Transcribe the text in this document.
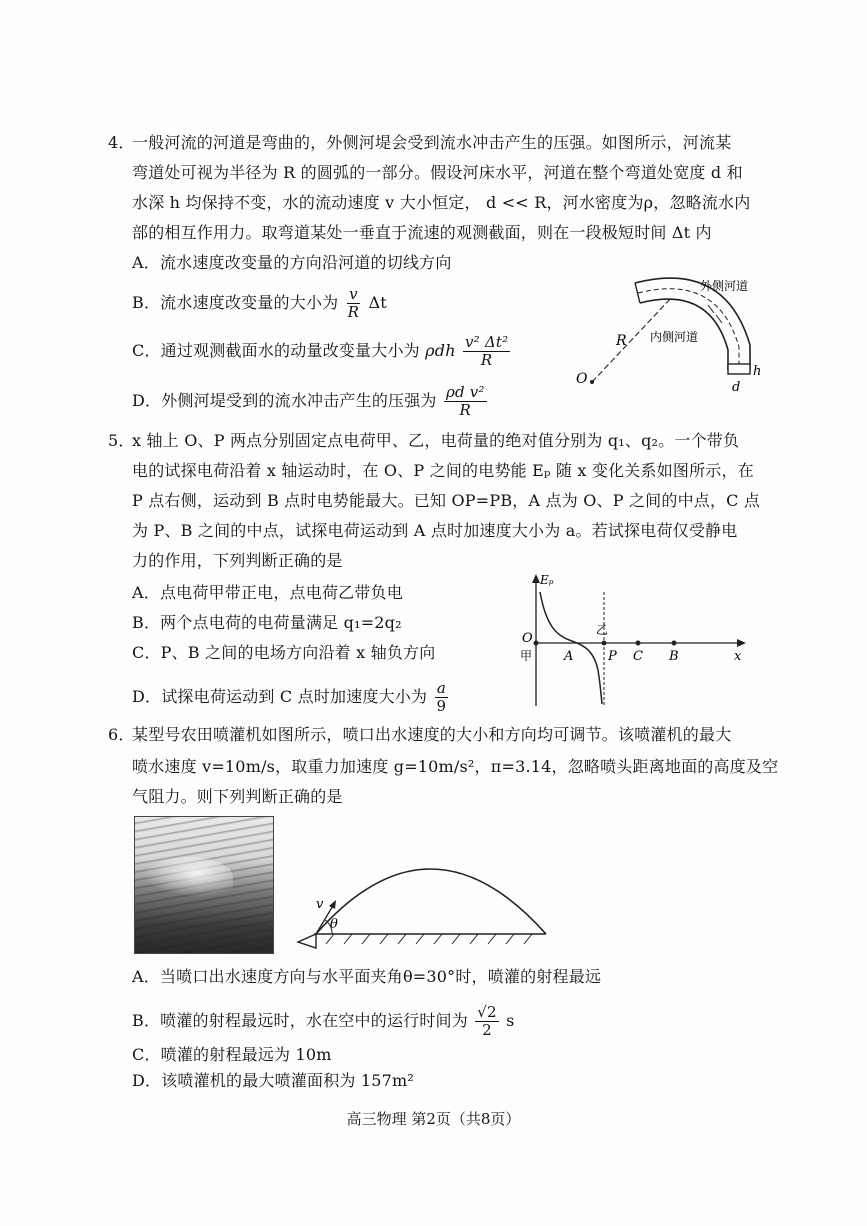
4．
一般河流的河道是弯曲的，外侧河堤会受到流水冲击产生的压强。如图所示，河流某
弯道处可视为半径为 R 的圆弧的一部分。假设河床水平，河道在整个弯道处宽度 d 和
水深 h 均保持不变，水的流动速度 v 大小恒定， d << R，河水密度为ρ，忽略流水内
部的相互作用力。取弯道某处一垂直于流速的观测截面，则在一段极短时间 Δt 内
A．流水速度改变量的方向沿河道的切线方向
B．流水速度改变量的大小为 $\frac{v}{R}$ Δt
C．通过观测截面水的动量改变量大小为 ρdh $\frac{\text{v² Δt²}}{R}$
D．外侧河堤受到的流水冲击产生的压强为 $\frac{\text{ρd v²}}{R}$
O
R
外侧河道
内侧河道
h
d
5．
x 轴上 O、P 两点分别固定点电荷甲、乙，电荷量的绝对值分别为 q₁、q₂。一个带负
电的试探电荷沿着 x 轴运动时，在 O、P 之间的电势能 Eₚ 随 x 变化关系如图所示，在
P 点右侧，运动到 B 点时电势能最大。已知 OP=PB，A 点为 O、P 之间的中点，C 点
为 P、B 之间的中点，试探电荷运动到 A 点时加速度大小为 a。若试探电荷仅受静电
力的作用，下列判断正确的是
A．点电荷甲带正电，点电荷乙带负电
B．两个点电荷的电荷量满足 q₁=2q₂
C．P、B 之间的电场方向沿着 x 轴负方向
D．试探电荷运动到 C 点时加速度大小为 $\frac{a}{9}$
Eₚ
x
O
甲
乙
A	P C B
6．
某型号农田喷灌机如图所示，喷口出水速度的大小和方向均可调节。该喷灌机的最大
喷水速度 v=10m/s，取重力加速度 g=10m/s²，π=3.14，忽略喷头距离地面的高度及空
气阻力。则下列判断正确的是
v
θ
A．当喷口出水速度方向与水平面夹角θ=30°时，喷灌的射程最远
B．喷灌的射程最远时，水在空中的运行时间为 $\frac{√2}{2}$ s
C．喷灌的射程最远为 10m
D．该喷灌机的最大喷灌面积为 157m²
高三物理 第2页（共8页）
